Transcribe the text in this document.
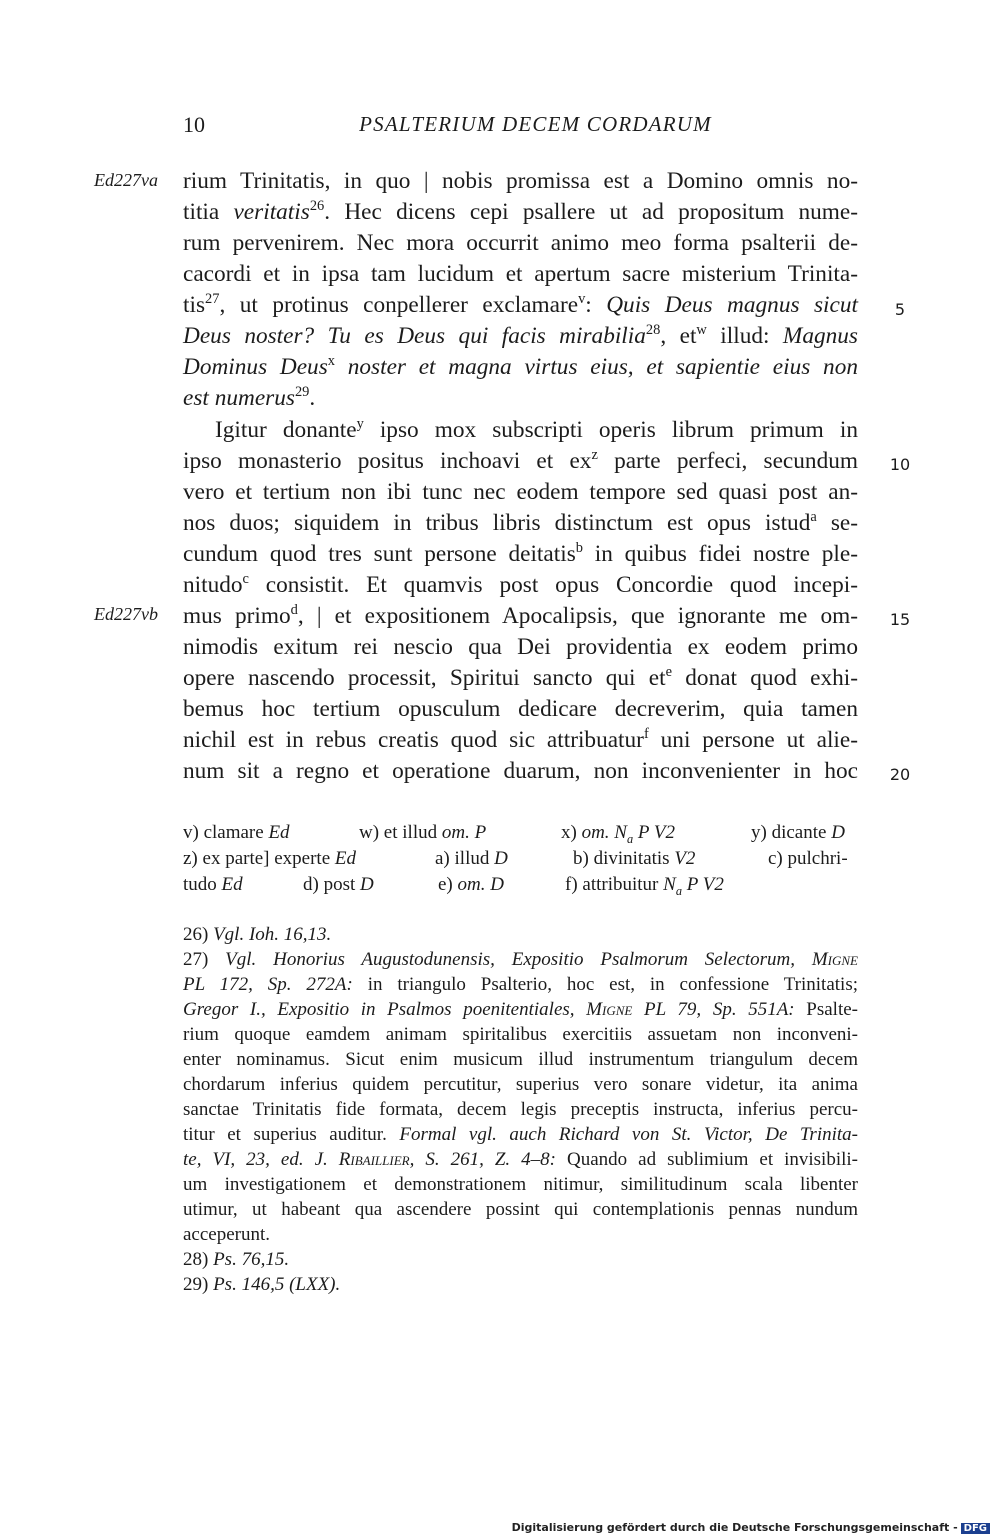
10	PSALTERIUM DECEM CORDARUM
Ed227va
Ed227vb
5
10
15
20
rium Trinitatis, in quo | nobis promissa est a Domino omnis no-
titia veritatis$^{26}$. Hec dicens cepi psallere ut ad propositum nume-
rum pervenirem. Nec mora occurrit animo meo forma psalterii de-
cacordi et in ipsa tam lucidum et apertum sacre misterium Trinita-
tis$^{27}$, ut protinus conpellerer exclamare$^v$: Quis Deus magnus sicut
Deus noster? Tu es Deus qui facis mirabilia$^{28}$, $et^w$ illud: Magnus
Dominus Deus$^x$ noster et magna virtus eius, et sapientie eius non
est numerus$^{29}$.
Igitur donante$^y$ ipso mox subscripti operis librum primum in
ipso monasterio positus inchoavi et $ex^z$ parte perfeci, secundum
vero et tertium non ibi tunc nec eodem tempore sed quasi post an-
nos duos; siquidem in tribus libris distinctum est opus istud$^a$ se-
cundum quod tres sunt persone deitatis$^b$ in quibus fidei nostre ple-
nitudo$^c$ consistit. Et quamvis post opus Concordie quod incepi-
mus primo$^d$, | et expositionem Apocalipsis, que ignorante me om-
nimodis exitum rei nescio qua Dei providentia ex eodem primo
opere nascendo processit, Spiritui sancto qui $et^e$ donat quod exhi-
bemus hoc tertium opusculum dedicare decreverim, quia tamen
nichil est in rebus creatis quod sic attribuatur$^f$ uni persone ut alie-
num sit a regno et operatione duarum, non inconvenienter in hoc
v) clamare Ed	w) et illud om. P	x) om. $N_a$ P V2	y) dicante D
z) ex parte] experte Ed	a) illud D	b) divinitatis V2	c) pulchri-
tudo Ed	d) post D	e) om. D	f) attribuitur $N_a$ P V2
26) Vgl. Ioh. 16,13.
27) Vgl. Honorius Augustodunensis, Expositio Psalmorum Selectorum, Migne
PL 172, Sp. 272A: in triangulo Psalterio, hoc est, in confessione Trinitatis;
Gregor I., Expositio in Psalmos poenitentiales, Migne PL 79, Sp. 551A: Psalte-
rium quoque eamdem animam spiritalibus exercitiis assuetam non inconveni-
enter nominamus. Sicut enim musicum illud instrumentum triangulum decem
chordarum inferius quidem percutitur, superius vero sonare videtur, ita anima
sanctae Trinitatis fide formata, decem legis preceptis instructa, inferius percu-
titur et superius auditur. Formal vgl. auch Richard von St. Victor, De Trinita-
te, VI, 23, ed. J. Ribaillier, S. 261, Z. 4–8: Quando ad sublimium et invisibili-
um investigationem et demonstrationem nitimur, similitudinum scala libenter
utimur, ut habeant qua ascendere possint qui contemplationis pennas nundum
acceperunt.
28) Ps. 76,15.
29) Ps. 146,5 (LXX).
Digitalisierung gefördert durch die Deutsche Forschungsgemeinschaft - DFG
